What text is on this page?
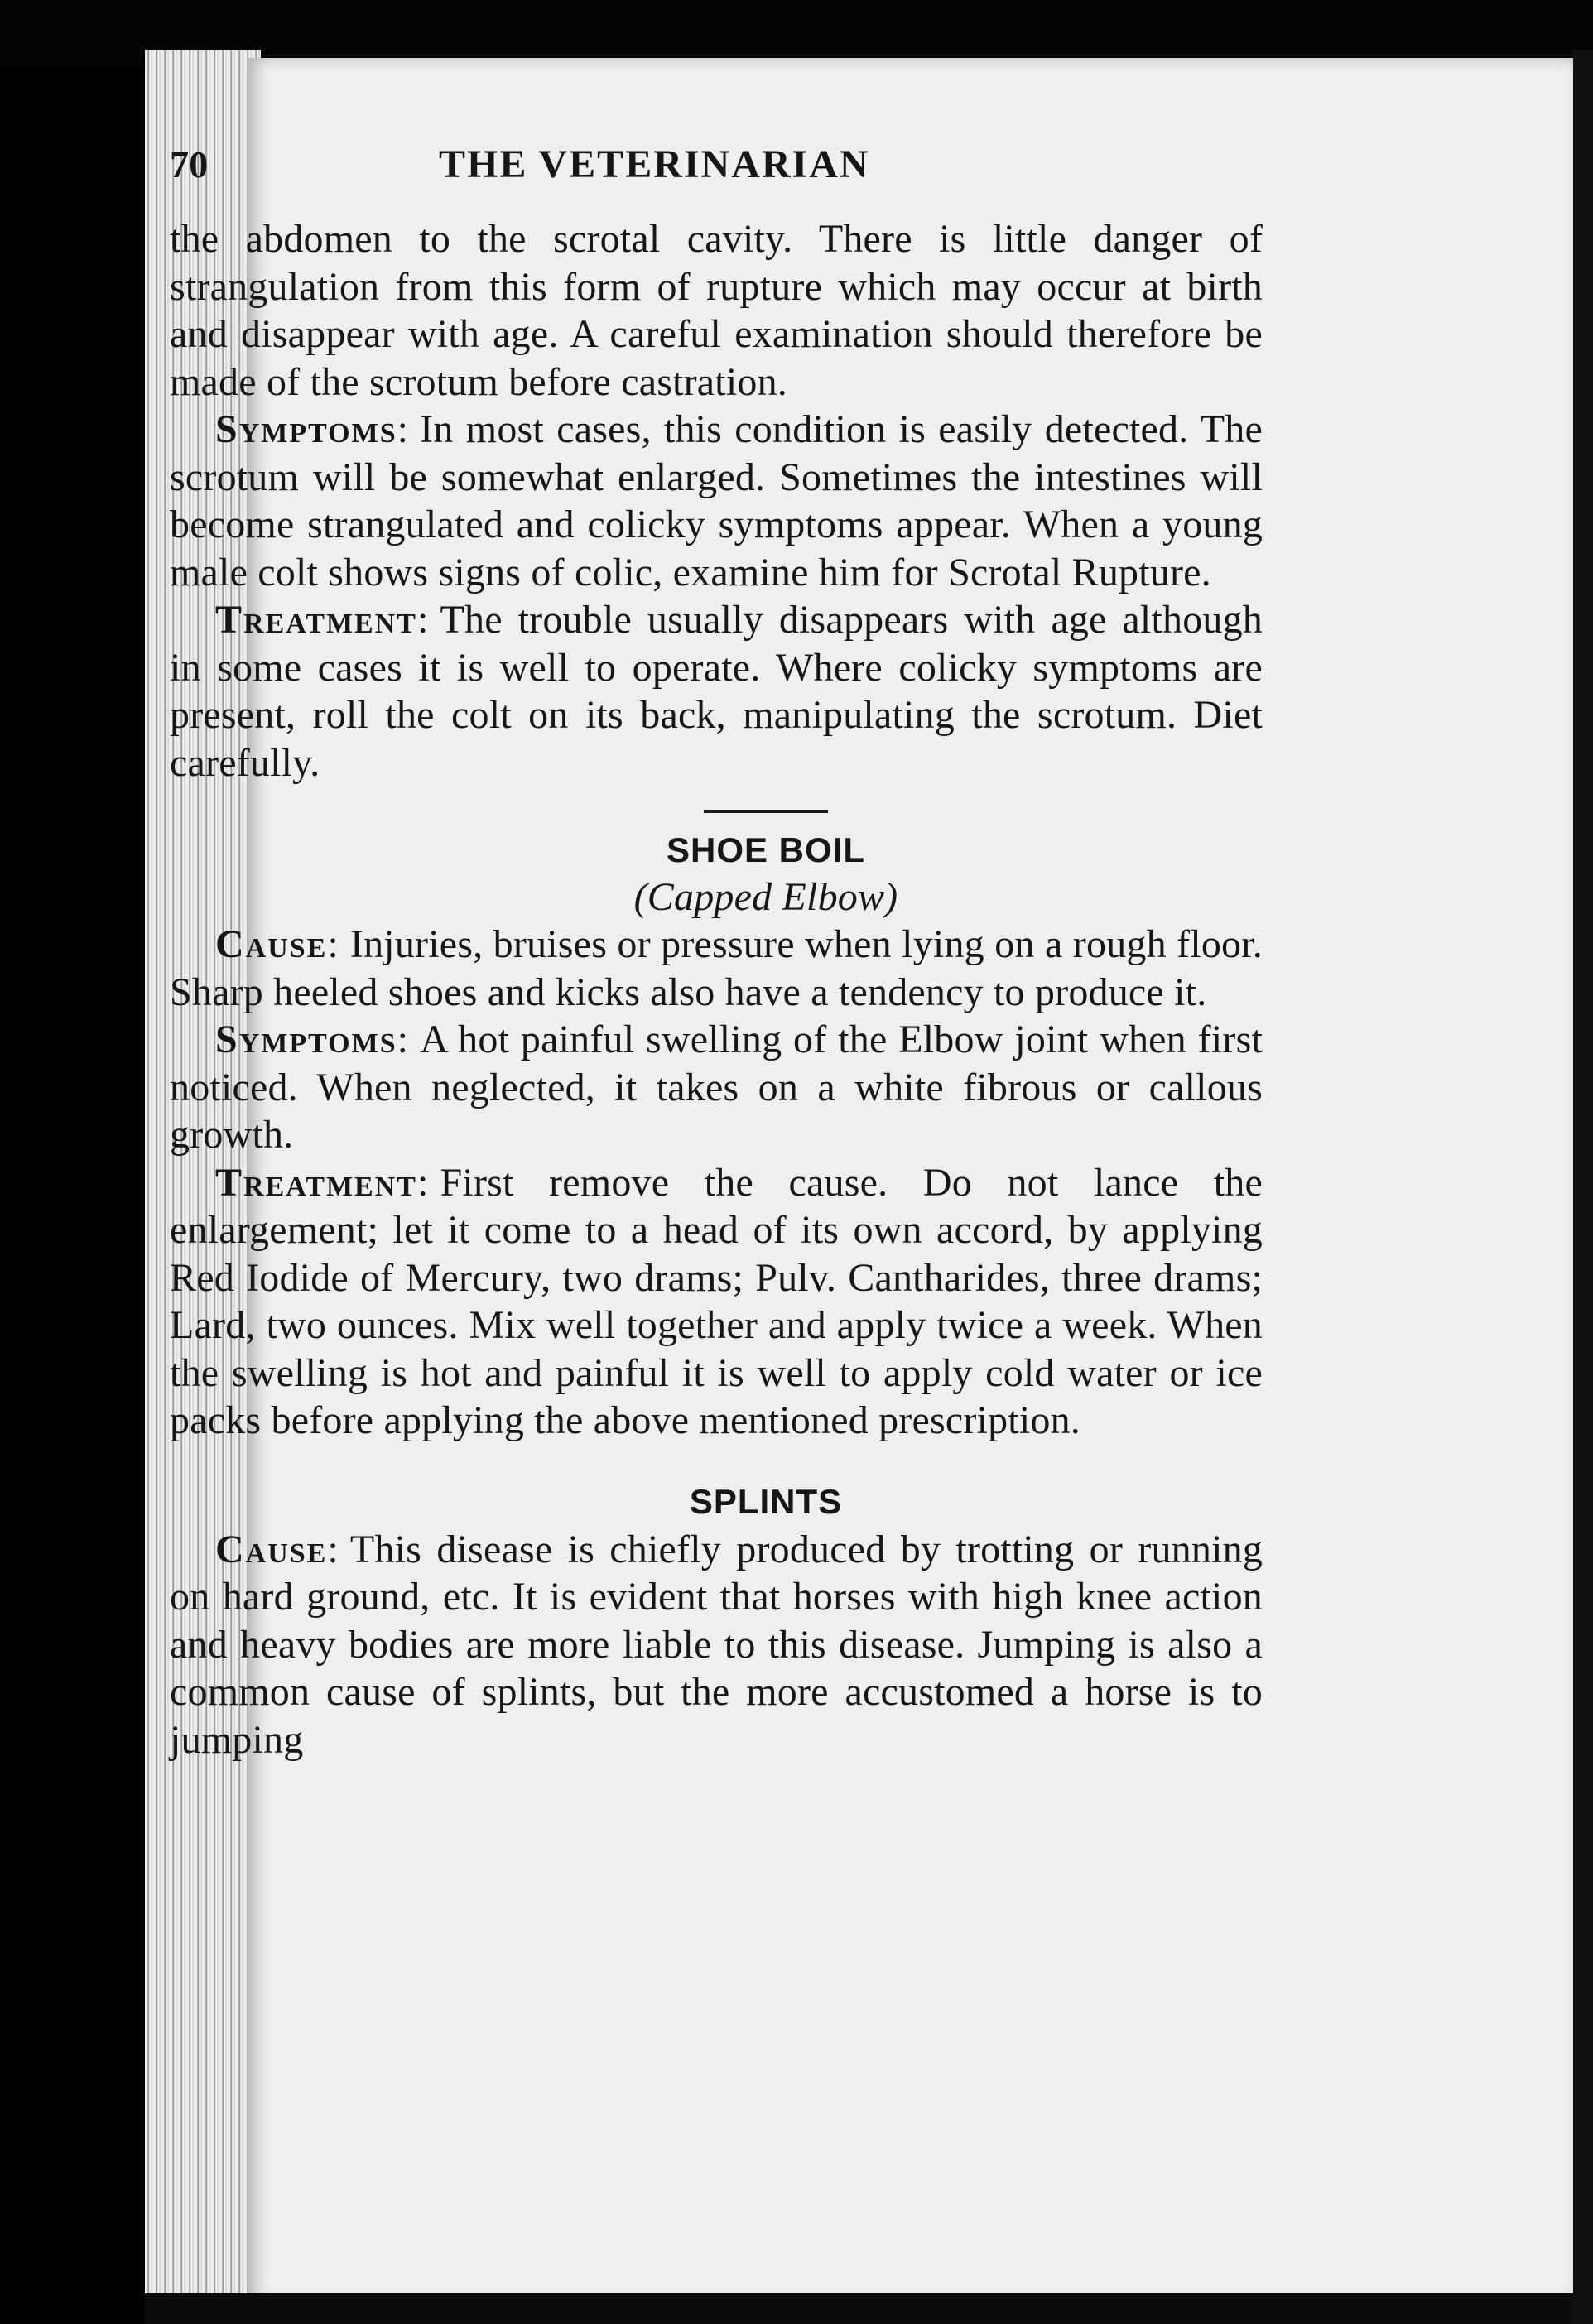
70	THE VETERINARIAN

the abdomen to the scrotal cavity. There is little danger of strangulation from this form of rupture which may occur at birth and disappear with age. A careful examination should therefore be made of the scrotum before castration.

Symptoms: In most cases, this condition is easily detected. The scrotum will be somewhat enlarged. Sometimes the intestines will become strangulated and colicky symptoms appear. When a young male colt shows signs of colic, examine him for Scrotal Rupture.

Treatment: The trouble usually disappears with age although in some cases it is well to operate. Where colicky symptoms are present, roll the colt on its back, manipulating the scrotum. Diet carefully.

SHOE BOIL
(Capped Elbow)

Cause: Injuries, bruises or pressure when lying on a rough floor. Sharp heeled shoes and kicks also have a tendency to produce it.

Symptoms: A hot painful swelling of the Elbow joint when first noticed. When neglected, it takes on a white fibrous or callous growth.

Treatment: First remove the cause. Do not lance the enlargement; let it come to a head of its own accord, by applying Red Iodide of Mercury, two drams; Pulv. Cantharides, three drams; Lard, two ounces. Mix well together and apply twice a week. When the swelling is hot and painful it is well to apply cold water or ice packs before applying the above mentioned prescription.

SPLINTS

Cause: This disease is chiefly produced by trotting or running on hard ground, etc. It is evident that horses with high knee action and heavy bodies are more liable to this disease. Jumping is also a common cause of splints, but the more accustomed a horse is to jumping
